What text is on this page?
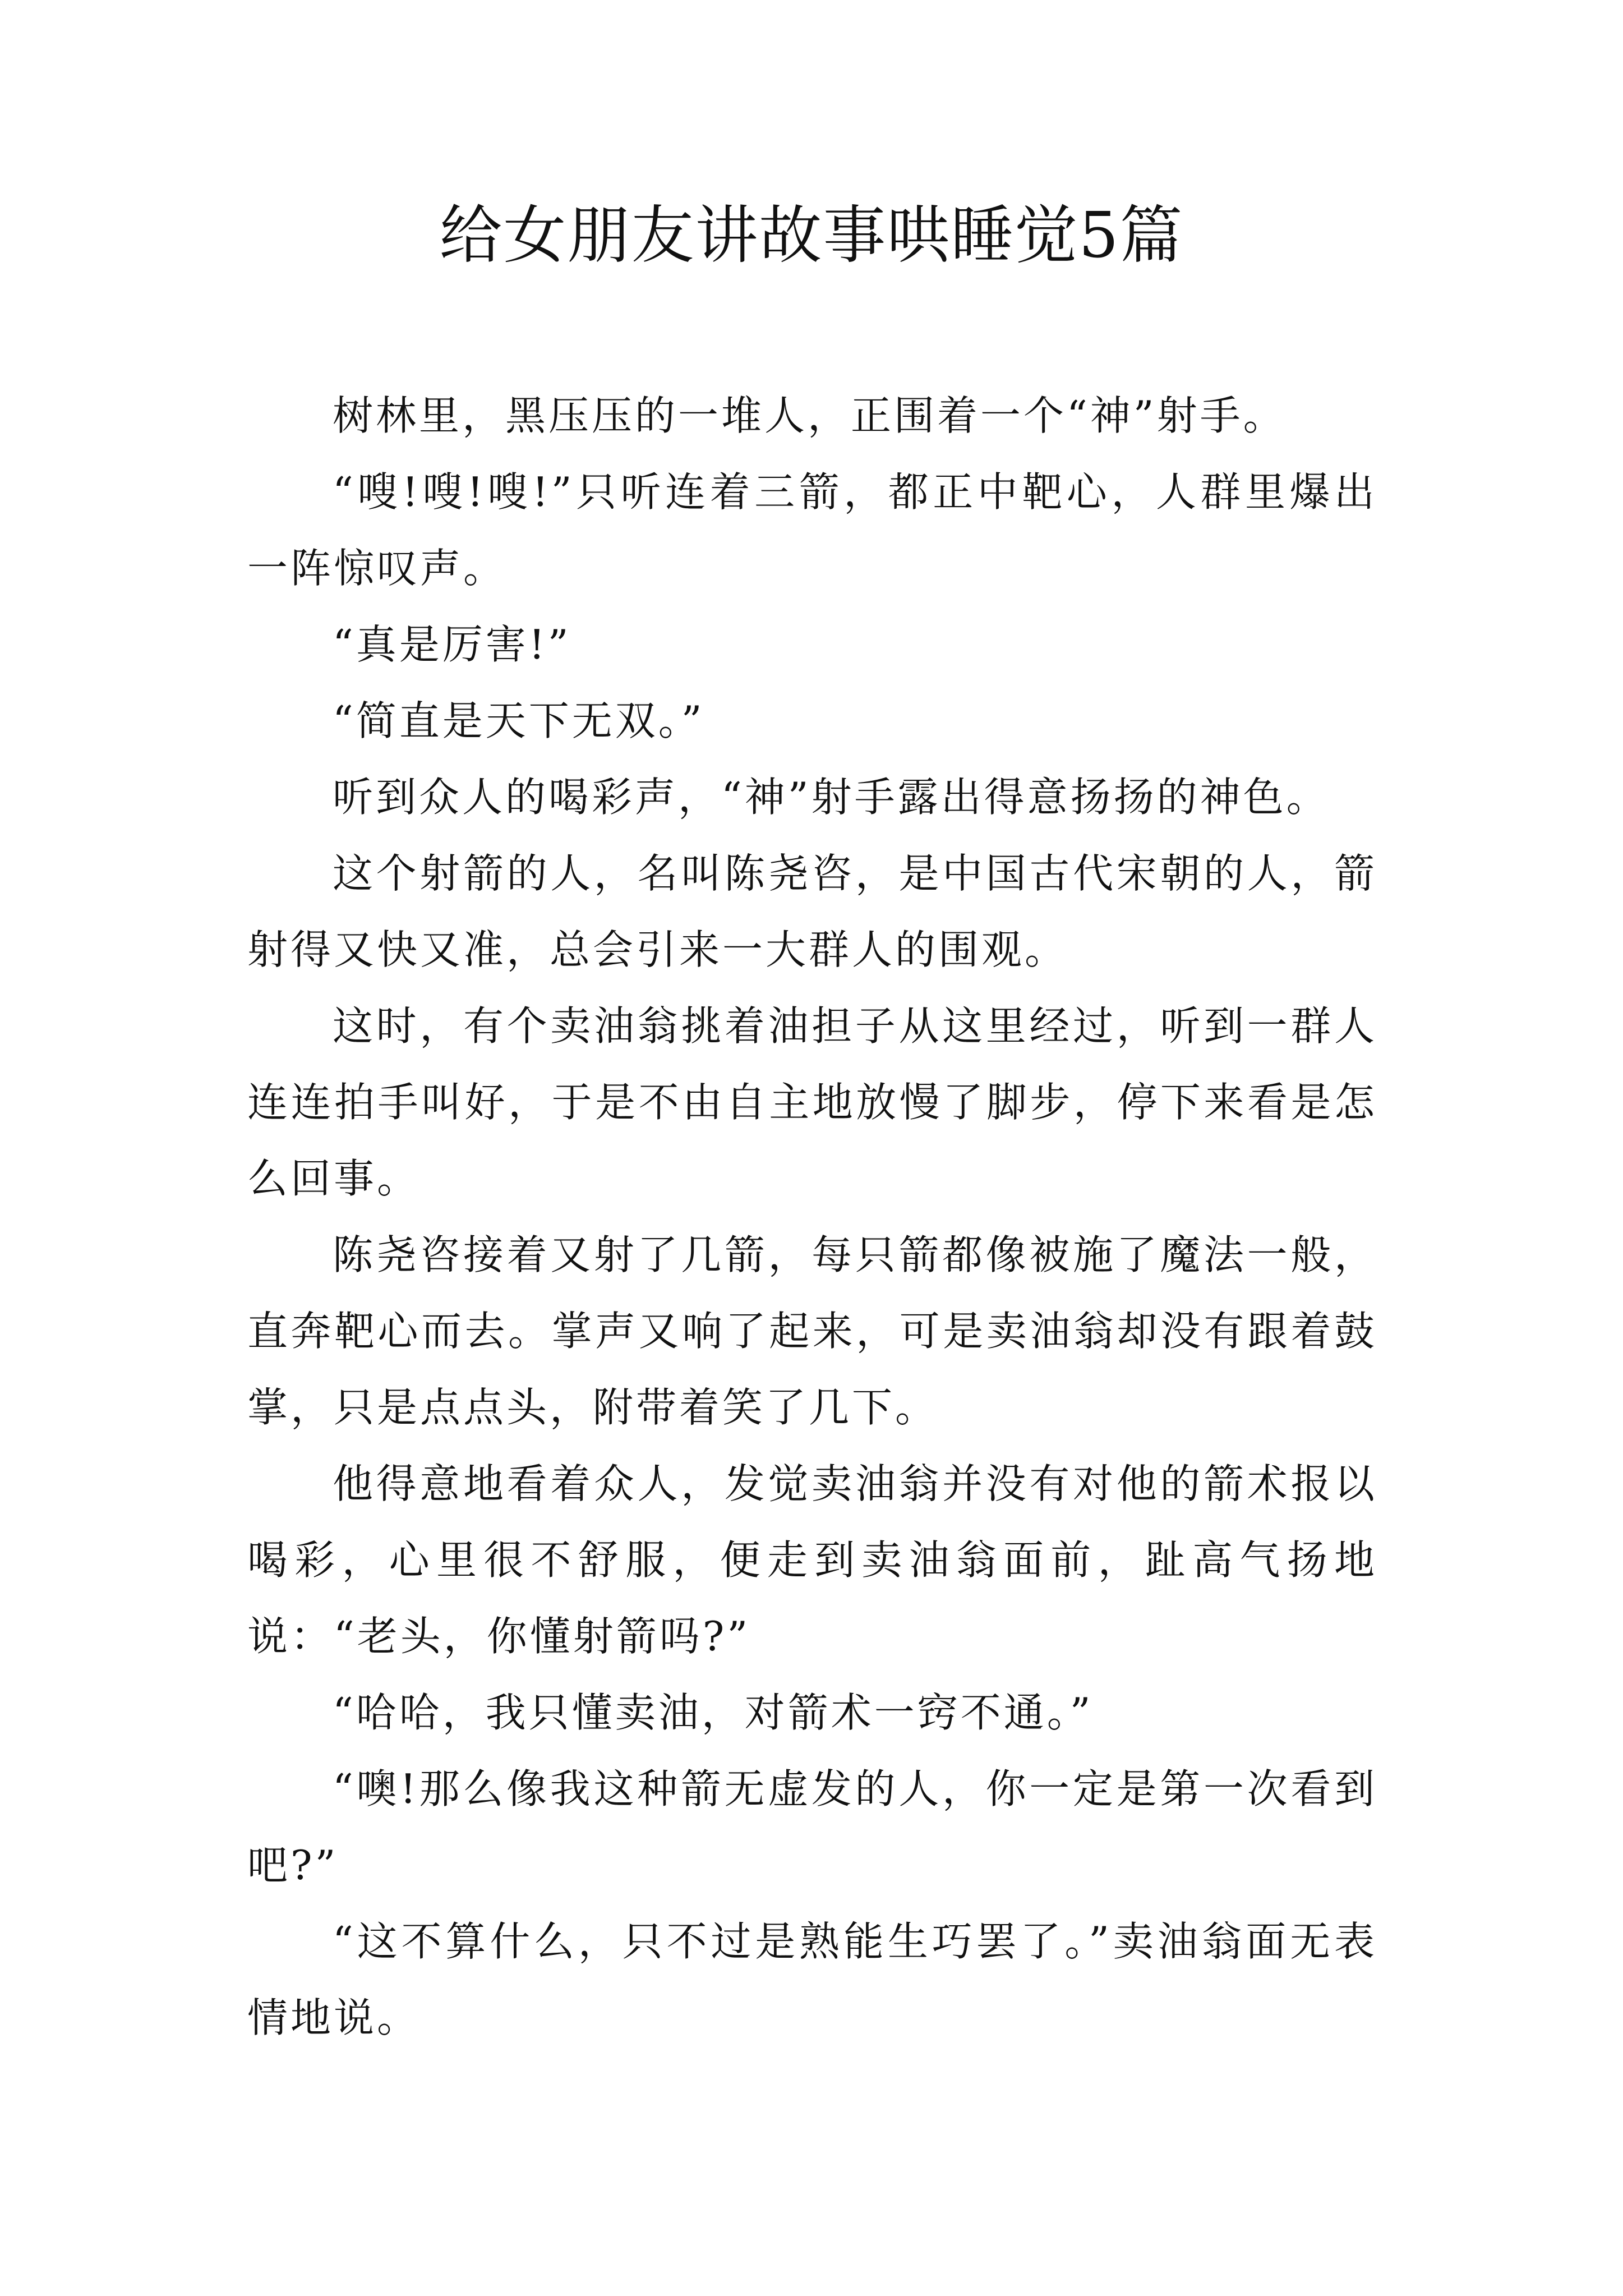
给女朋友讲故事哄睡觉5篇

树林里，黑压压的一堆人，正围着一个“神”射手。

“嗖!嗖!嗖!”只听连着三箭，都正中靶心，人群里爆出一阵惊叹声。

“真是厉害!”

“简直是天下无双。”

听到众人的喝彩声，“神”射手露出得意扬扬的神色。

这个射箭的人，名叫陈尧咨，是中国古代宋朝的人，箭射得又快又准，总会引来一大群人的围观。

这时，有个卖油翁挑着油担子从这里经过，听到一群人连连拍手叫好，于是不由自主地放慢了脚步，停下来看是怎么回事。

陈尧咨接着又射了几箭，每只箭都像被施了魔法一般，直奔靶心而去。掌声又响了起来，可是卖油翁却没有跟着鼓掌，只是点点头，附带着笑了几下。

他得意地看着众人，发觉卖油翁并没有对他的箭术报以喝彩，心里很不舒服，便走到卖油翁面前，趾高气扬地说：“老头，你懂射箭吗?”

“哈哈，我只懂卖油，对箭术一窍不通。”

“噢!那么像我这种箭无虚发的人，你一定是第一次看到吧?”

“这不算什么，只不过是熟能生巧罢了。”卖油翁面无表情地说。
